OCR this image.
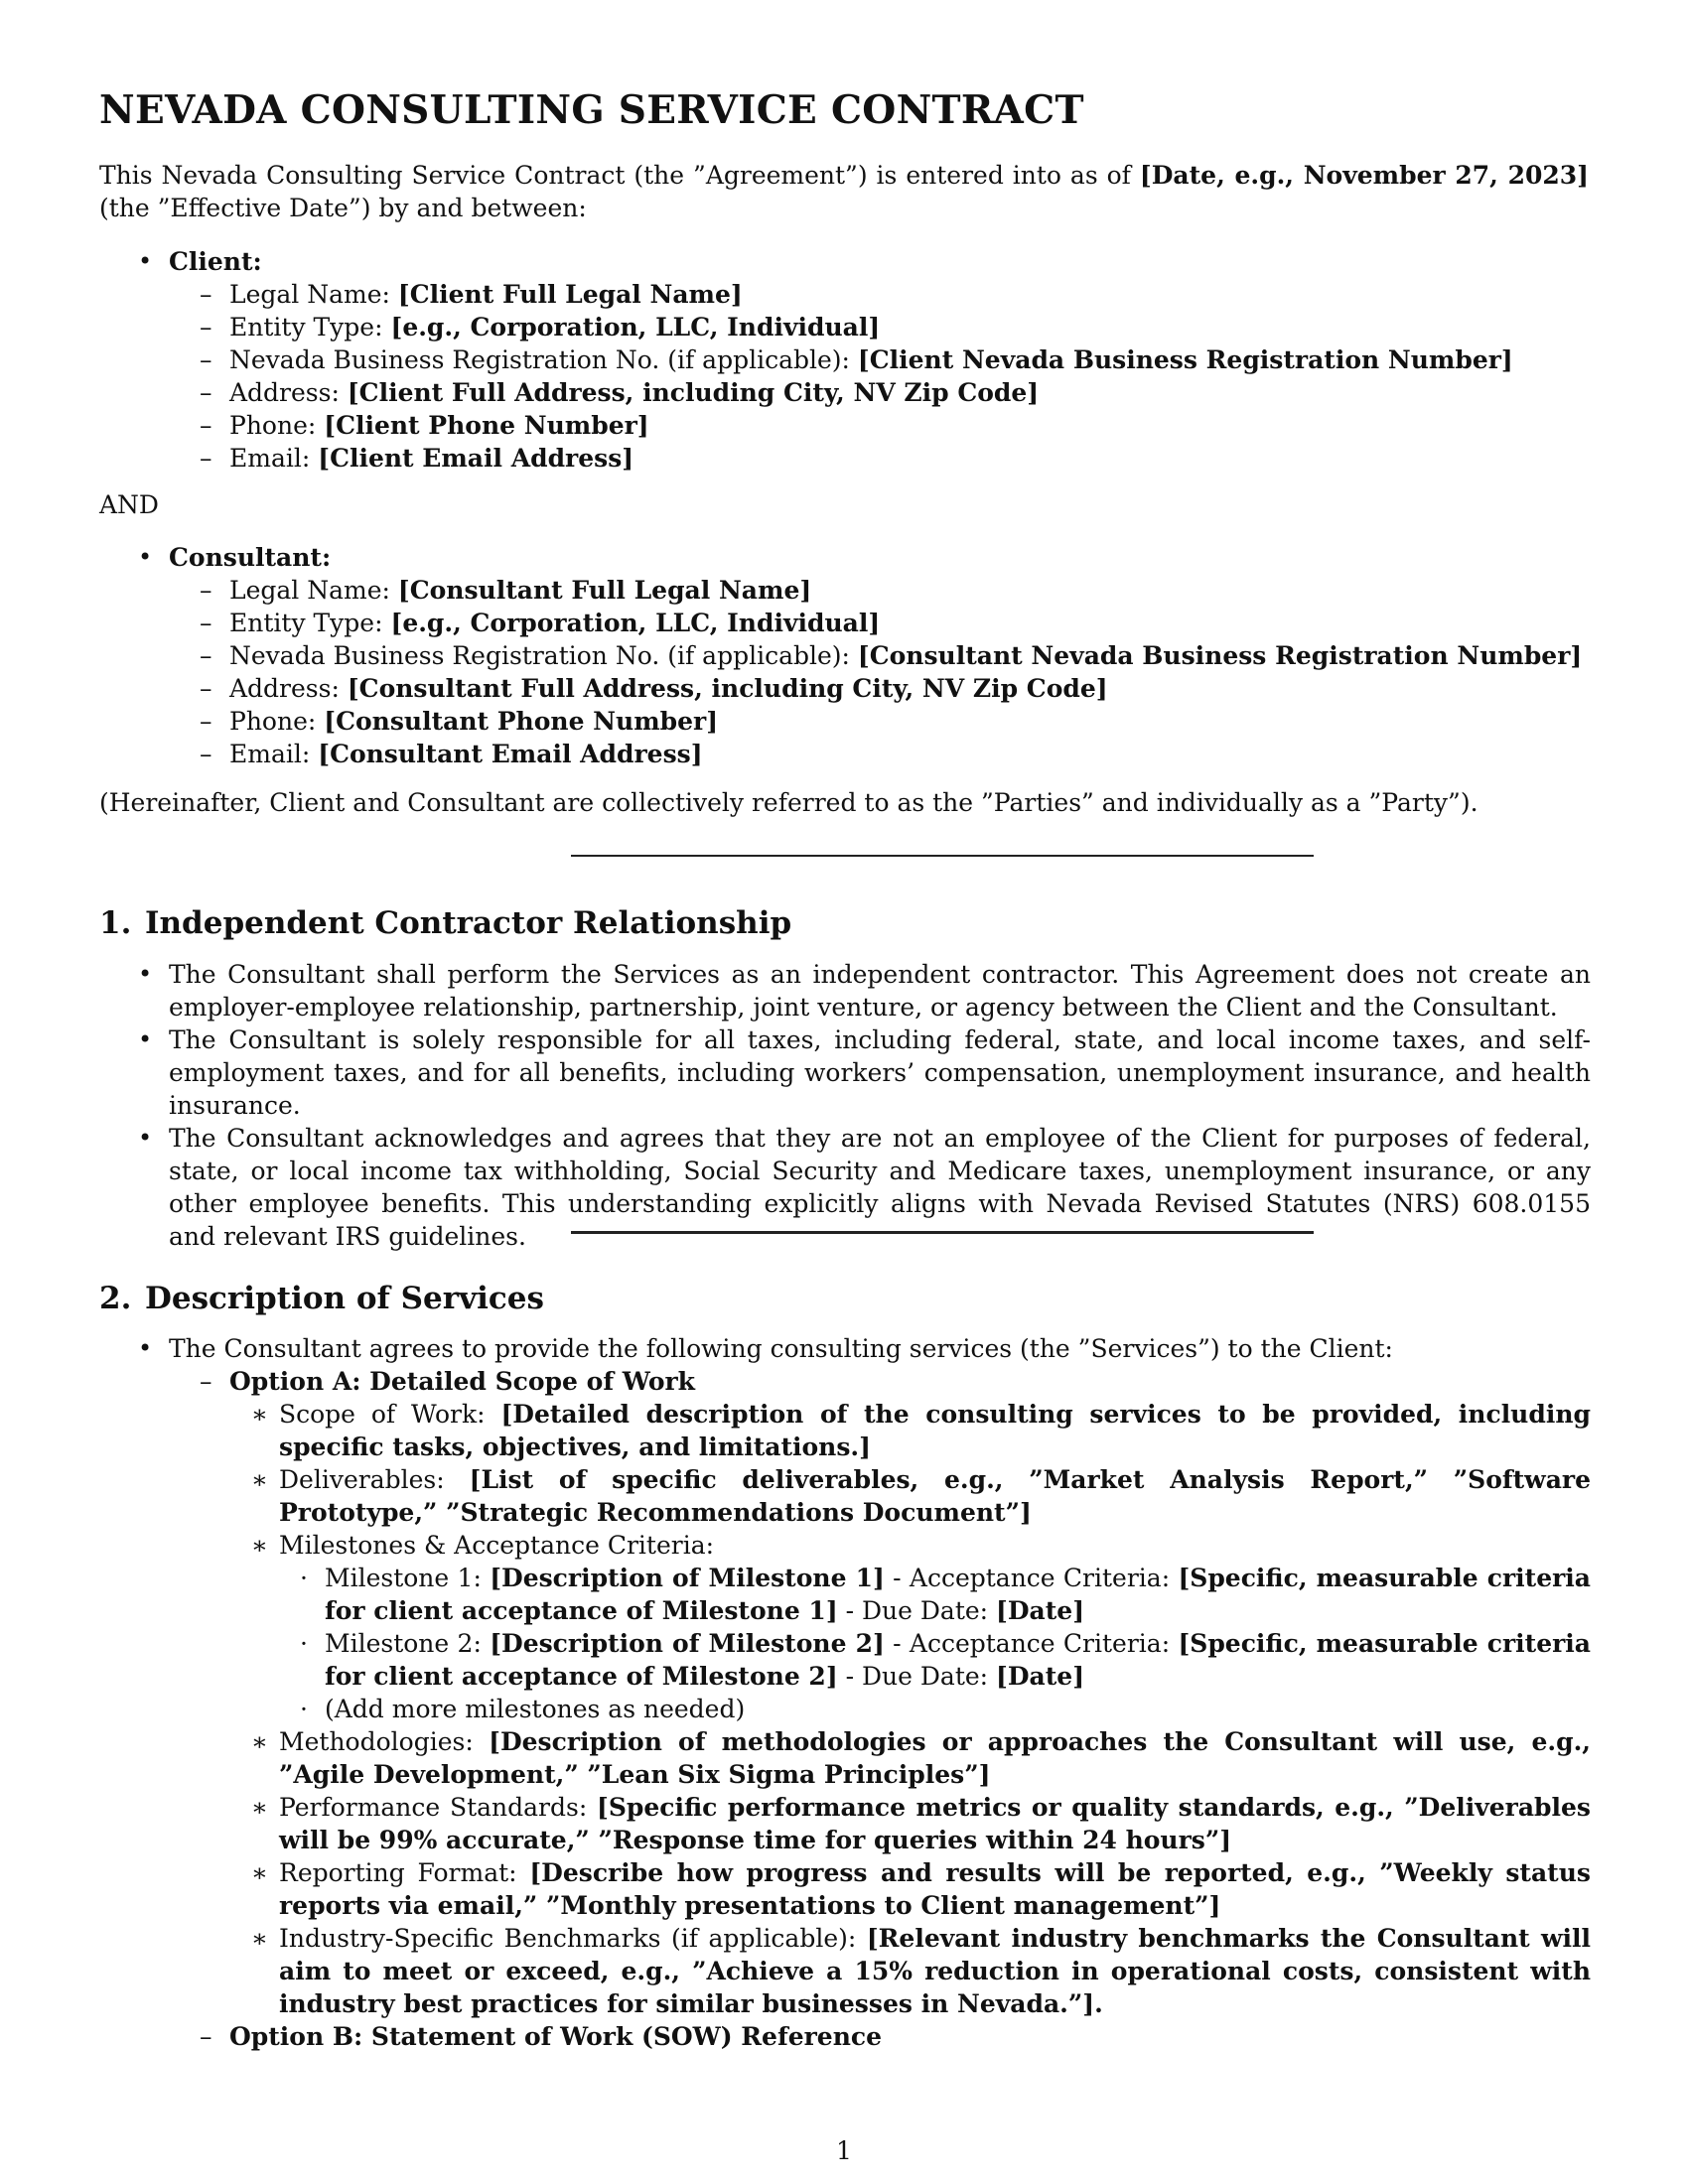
NEVADA CONSULTING SERVICE CONTRACT
This Nevada Consulting Service Contract (the ”Agreement”) is entered into as of [Date, e.g., November 27, 2023] (the ”Effective Date”) by and between:
• Client:
– Legal Name: [Client Full Legal Name]
– Entity Type: [e.g., Corporation, LLC, Individual]
– Nevada Business Registration No. (if applicable): [Client Nevada Business Registration Number]
– Address: [Client Full Address, including City, NV Zip Code]
– Phone: [Client Phone Number]
– Email: [Client Email Address]
AND
• Consultant:
– Legal Name: [Consultant Full Legal Name]
– Entity Type: [e.g., Corporation, LLC, Individual]
– Nevada Business Registration No. (if applicable): [Consultant Nevada Business Registration Number]
– Address: [Consultant Full Address, including City, NV Zip Code]
– Phone: [Consultant Phone Number]
– Email: [Consultant Email Address]
(Hereinafter, Client and Consultant are collectively referred to as the ”Parties” and individually as a ”Party”).
1. Independent Contractor Relationship
• The Consultant shall perform the Services as an independent contractor. This Agreement does not create an employer-employee relationship, partnership, joint venture, or agency between the Client and the Consultant.
• The Consultant is solely responsible for all taxes, including federal, state, and local income taxes, and self-employment taxes, and for all benefits, including workers’ compensation, unemployment insurance, and health insurance.
• The Consultant acknowledges and agrees that they are not an employee of the Client for purposes of federal, state, or local income tax withholding, Social Security and Medicare taxes, unemployment insurance, or any other employee benefits. This understanding explicitly aligns with Nevada Revised Statutes (NRS) 608.0155 and relevant IRS guidelines.
2. Description of Services
• The Consultant agrees to provide the following consulting services (the ”Services”) to the Client:
– Option A: Detailed Scope of Work
∗ Scope of Work: [Detailed description of the consulting services to be provided, including specific tasks, objectives, and limitations.]
∗ Deliverables: [List of specific deliverables, e.g., ”Market Analysis Report,” ”Software Prototype,” ”Strategic Recommendations Document”]
∗ Milestones & Acceptance Criteria:
· Milestone 1: [Description of Milestone 1] - Acceptance Criteria: [Specific, measurable criteria for client acceptance of Milestone 1] - Due Date: [Date]
· Milestone 2: [Description of Milestone 2] - Acceptance Criteria: [Specific, measurable criteria for client acceptance of Milestone 2] - Due Date: [Date]
· (Add more milestones as needed)
∗ Methodologies: [Description of methodologies or approaches the Consultant will use, e.g., ”Agile Development,” ”Lean Six Sigma Principles”]
∗ Performance Standards: [Specific performance metrics or quality standards, e.g., ”Deliverables will be 99% accurate,” ”Response time for queries within 24 hours”]
∗ Reporting Format: [Describe how progress and results will be reported, e.g., ”Weekly status reports via email,” ”Monthly presentations to Client management”]
∗ Industry-Specific Benchmarks (if applicable): [Relevant industry benchmarks the Consultant will aim to meet or exceed, e.g., ”Achieve a 15% reduction in operational costs, consistent with industry best practices for similar businesses in Nevada.”].
– Option B: Statement of Work (SOW) Reference
1
